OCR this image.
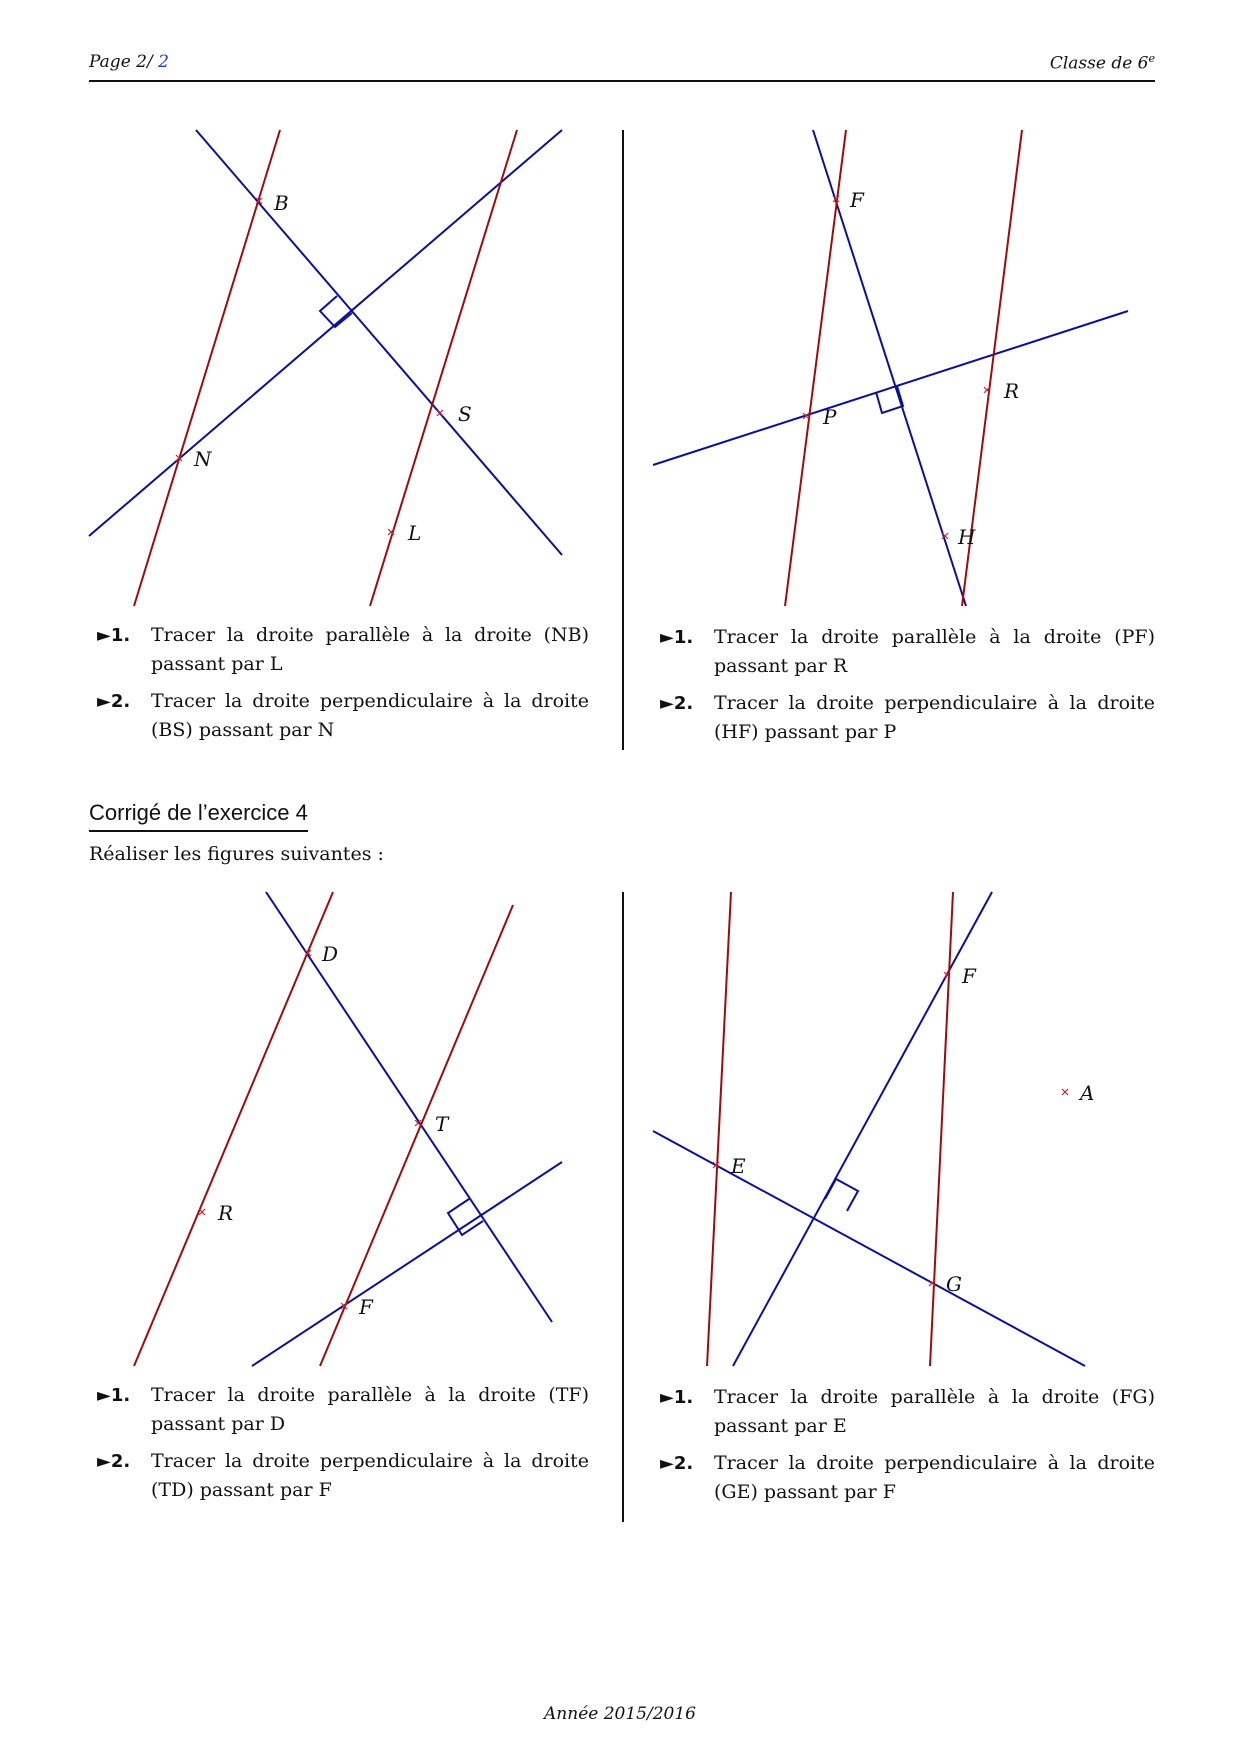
Page 2/ 2	Classe de 6e
B
N
S
L
►1. Tracer la droite parallèle à la droite (NB) passant par L
►2. Tracer la droite perpendiculaire à la droite (BS) passant par N
F
P
R
H
►1. Tracer la droite parallèle à la droite (PF) passant par R
►2. Tracer la droite perpendiculaire à la droite (HF) passant par P
Corrigé de l’exercice 4
Réaliser les figures suivantes :
D
T
R
F
►1. Tracer la droite parallèle à la droite (TF) passant par D
►2. Tracer la droite perpendiculaire à la droite (TD) passant par F
F
A
E
G
►1. Tracer la droite parallèle à la droite (FG) passant par E
►2. Tracer la droite perpendiculaire à la droite (GE) passant par F
Année 2015/2016
